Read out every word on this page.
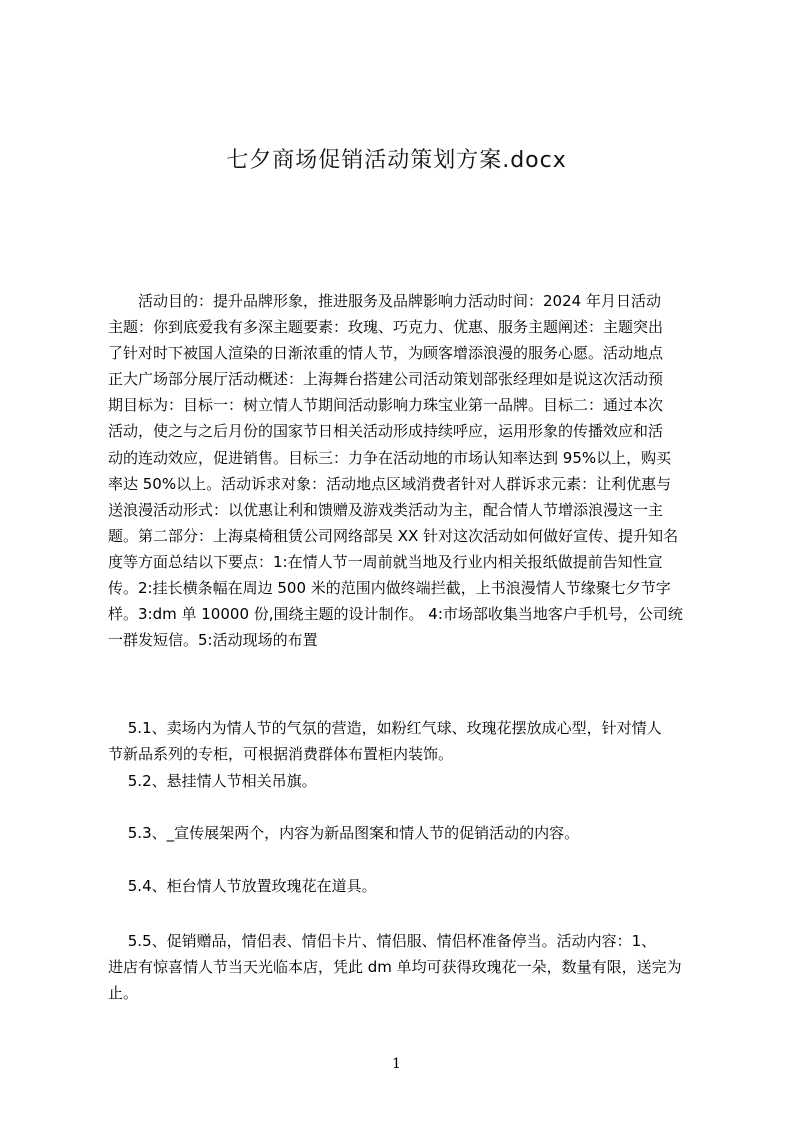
七夕商场促销活动策划方案.docx
　　活动目的：提升品牌形象，推进服务及品牌影响力活动时间：2024 年月日活动
主题：你到底爱我有多深主题要素：玫瑰、巧克力、优惠、服务主题阐述：主题突出
了针对时下被国人渲染的日渐浓重的情人节，为顾客增添浪漫的服务心愿。活动地点
正大广场部分展厅活动概述：上海舞台搭建公司活动策划部张经理如是说这次活动预
期目标为：目标一：树立情人节期间活动影响力珠宝业第一品牌。目标二：通过本次
活动，使之与之后月份的国家节日相关活动形成持续呼应，运用形象的传播效应和活
动的连动效应，促进销售。目标三：力争在活动地的市场认知率达到 95%以上，购买
率达 50%以上。活动诉求对象：活动地点区域消费者针对人群诉求元素：让利优惠与
送浪漫活动形式：以优惠让利和馈赠及游戏类活动为主，配合情人节增添浪漫这一主
题。第二部分：上海桌椅租赁公司网络部吴 XX 针对这次活动如何做好宣传、提升知名
度等方面总结以下要点：1:在情人节一周前就当地及行业内相关报纸做提前告知性宣
传。2:挂长横条幅在周边 500 米的范围内做终端拦截，上书浪漫情人节缘聚七夕节字
样。3:dm 单 10000 份,围绕主题的设计制作。 4:市场部收集当地客户手机号，公司统
一群发短信。5:活动现场的布置
　 5.1、卖场内为情人节的气氛的营造，如粉红气球、玫瑰花摆放成心型，针对情人
节新品系列的专柜，可根据消费群体布置柜内装饰。
　 5.2、悬挂情人节相关吊旗。
　 5.3、_宣传展架两个，内容为新品图案和情人节的促销活动的内容。
　 5.4、柜台情人节放置玫瑰花在道具。
　 5.5、促销赠品，情侣表、情侣卡片、情侣服、情侣杯准备停当。活动内容：1、
进店有惊喜情人节当天光临本店，凭此 dm 单均可获得玫瑰花一朵，数量有限，送完为
止。
1
